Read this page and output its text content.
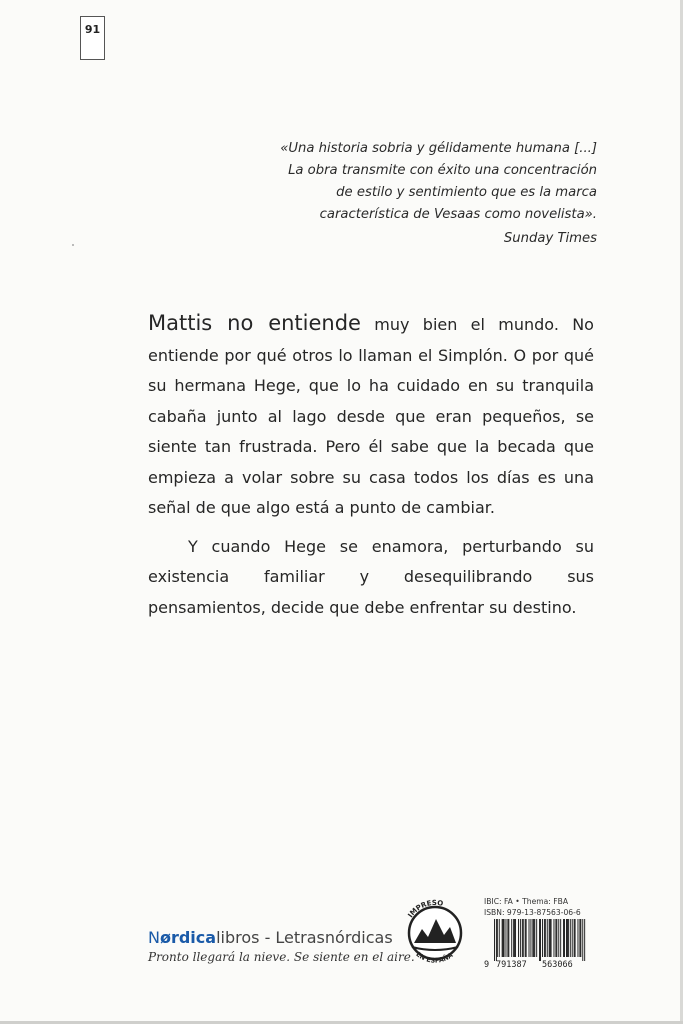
91

«Una historia sobria y gélidamente humana [...]

La obra transmite con éxito una concentración

de estilo y sentimiento que es la marca

característica de Vesaas como novelista».

Sunday Times

Mattis no entiende muy bien el mundo. No entiende por qué otros lo llaman el Simplón. O por qué su hermana Hege, que lo ha cuidado en su tranquila cabaña junto al lago desde que eran pequeños, se siente tan frustrada. Pero él sabe que la becada que empieza a volar sobre su casa todos los días es una señal de que algo está a punto de cambiar.

Y cuando Hege se enamora, perturbando su existencia familiar y desequilibrando sus pensamientos, decide que debe enfrentar su destino.

Nørdicalibros - Letrasnórdicas
Pronto llegará la nieve. Se siente en el aire.
IMPRESO
EN ESPAÑA
IBIC: FA • Thema: FBA
ISBN: 979-13-87563-06-6
9 791387 563066
